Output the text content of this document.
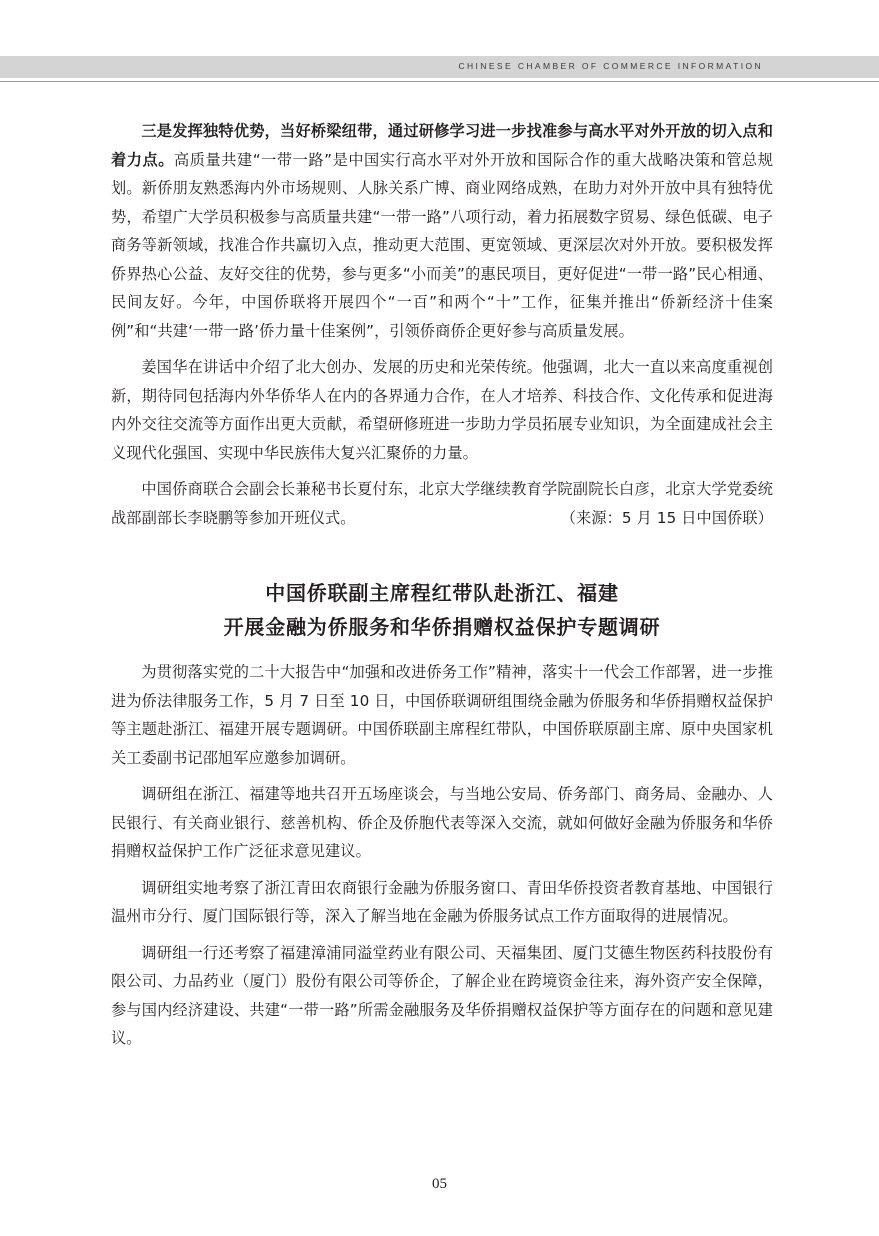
CHINESE CHAMBER OF COMMERCE INFORMATION

三是发挥独特优势，当好桥梁纽带，通过研修学习进一步找准参与高水平对外开放的切入点和着力点。高质量共建“一带一路”是中国实行高水平对外开放和国际合作的重大战略决策和管总规划。新侨朋友熟悉海内外市场规则、人脉关系广博、商业网络成熟，在助力对外开放中具有独特优势，希望广大学员积极参与高质量共建“一带一路”八项行动，着力拓展数字贸易、绿色低碳、电子商务等新领域，找准合作共赢切入点，推动更大范围、更宽领域、更深层次对外开放。要积极发挥侨界热心公益、友好交往的优势，参与更多“小而美”的惠民项目，更好促进“一带一路”民心相通、民间友好。今年，中国侨联将开展四个“一百”和两个“十”工作，征集并推出“侨新经济十佳案例”和“共建‘一带一路’侨力量十佳案例”，引领侨商侨企更好参与高质量发展。

姜国华在讲话中介绍了北大创办、发展的历史和光荣传统。他强调，北大一直以来高度重视创新，期待同包括海内外华侨华人在内的各界通力合作，在人才培养、科技合作、文化传承和促进海内外交往交流等方面作出更大贡献，希望研修班进一步助力学员拓展专业知识，为全面建成社会主义现代化强国、实现中华民族伟大复兴汇聚侨的力量。

中国侨商联合会副会长兼秘书长夏付东，北京大学继续教育学院副院长白彦，北京大学党委统战部副部长李晓鹏等参加开班仪式。	（来源：5 月 15 日中国侨联）

中国侨联副主席程红带队赴浙江、福建
开展金融为侨服务和华侨捐赠权益保护专题调研

为贯彻落实党的二十大报告中“加强和改进侨务工作”精神，落实十一代会工作部署，进一步推进为侨法律服务工作，5 月 7 日至 10 日，中国侨联调研组围绕金融为侨服务和华侨捐赠权益保护等主题赴浙江、福建开展专题调研。中国侨联副主席程红带队，中国侨联原副主席、原中央国家机关工委副书记邵旭军应邀参加调研。

调研组在浙江、福建等地共召开五场座谈会，与当地公安局、侨务部门、商务局、金融办、人民银行、有关商业银行、慈善机构、侨企及侨胞代表等深入交流，就如何做好金融为侨服务和华侨捐赠权益保护工作广泛征求意见建议。

调研组实地考察了浙江青田农商银行金融为侨服务窗口、青田华侨投资者教育基地、中国银行温州市分行、厦门国际银行等，深入了解当地在金融为侨服务试点工作方面取得的进展情况。

调研组一行还考察了福建漳浦同溢堂药业有限公司、天福集团、厦门艾德生物医药科技股份有限公司、力品药业（厦门）股份有限公司等侨企，了解企业在跨境资金往来，海外资产安全保障，参与国内经济建设、共建“一带一路”所需金融服务及华侨捐赠权益保护等方面存在的问题和意见建议。

05
